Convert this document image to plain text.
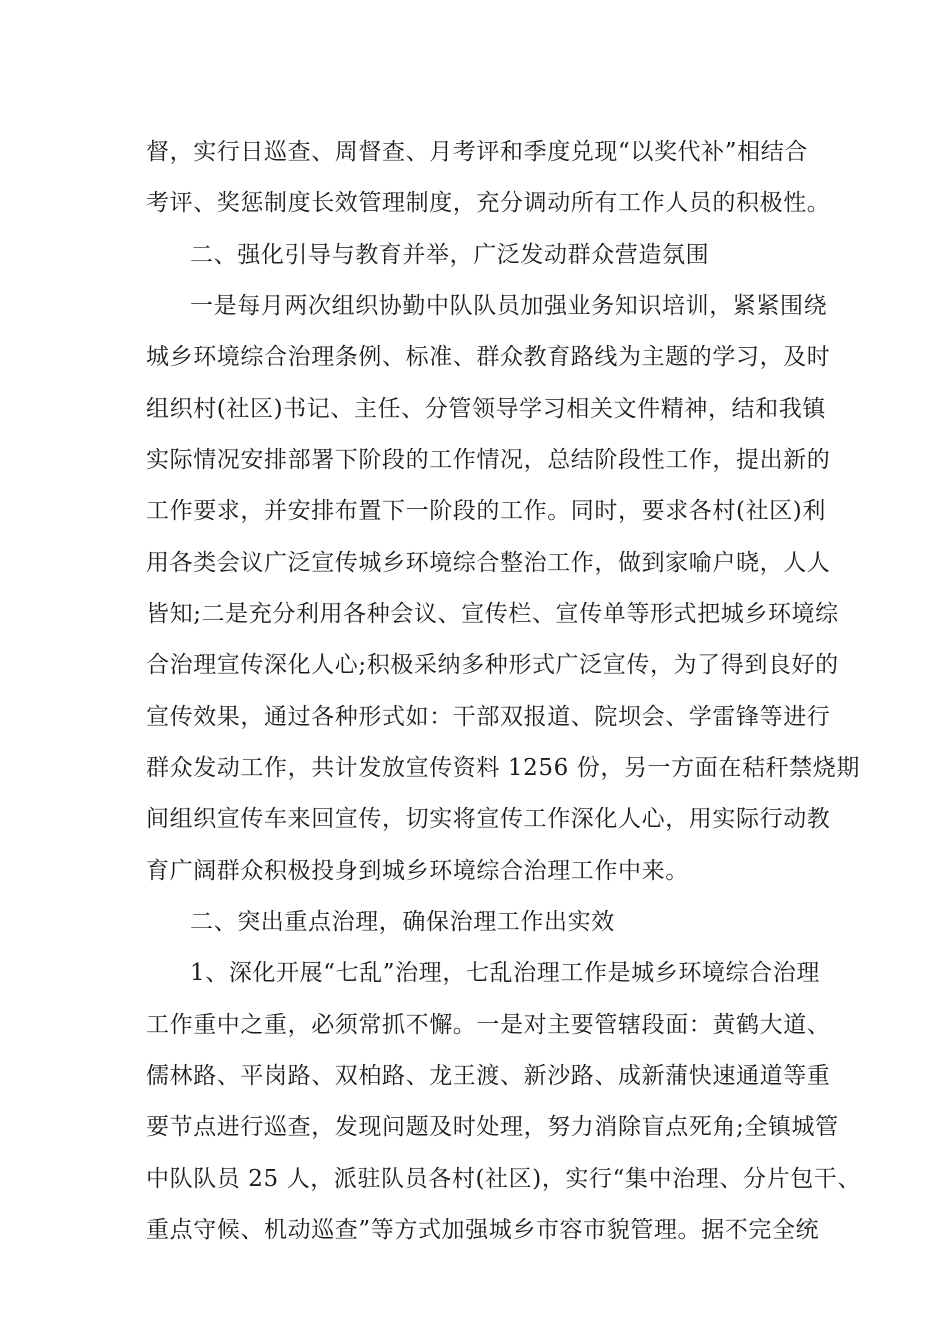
督，实行日巡查、周督查、月考评和季度兑现“以奖代补”相结合
考评、奖惩制度长效管理制度，充分调动所有工作人员的积极性。
二、强化引导与教育并举，广泛发动群众营造氛围
一是每月两次组织协勤中队队员加强业务知识培训，紧紧围绕
城乡环境综合治理条例、标准、群众教育路线为主题的学习，及时
组织村(社区)书记、主任、分管领导学习相关文件精神，结和我镇
实际情况安排部署下阶段的工作情况，总结阶段性工作，提出新的
工作要求，并安排布置下一阶段的工作。同时，要求各村(社区)利
用各类会议广泛宣传城乡环境综合整治工作，做到家喻户晓，人人
皆知;二是充分利用各种会议、宣传栏、宣传单等形式把城乡环境综
合治理宣传深化人心;积极采纳多种形式广泛宣传，为了得到良好的
宣传效果，通过各种形式如：干部双报道、院坝会、学雷锋等进行
群众发动工作，共计发放宣传资料 1256 份，另一方面在秸秆禁烧期
间组织宣传车来回宣传，切实将宣传工作深化人心，用实际行动教
育广阔群众积极投身到城乡环境综合治理工作中来。
二、突出重点治理，确保治理工作出实效
1、深化开展“七乱”治理，七乱治理工作是城乡环境综合治理
工作重中之重，必须常抓不懈。一是对主要管辖段面：黄鹤大道、
儒林路、平岗路、双柏路、龙王渡、新沙路、成新蒲快速通道等重
要节点进行巡查，发现问题及时处理，努力消除盲点死角;全镇城管
中队队员 25 人，派驻队员各村(社区)，实行“集中治理、分片包干、
重点守候、机动巡查”等方式加强城乡市容市貌管理。据不完全统
